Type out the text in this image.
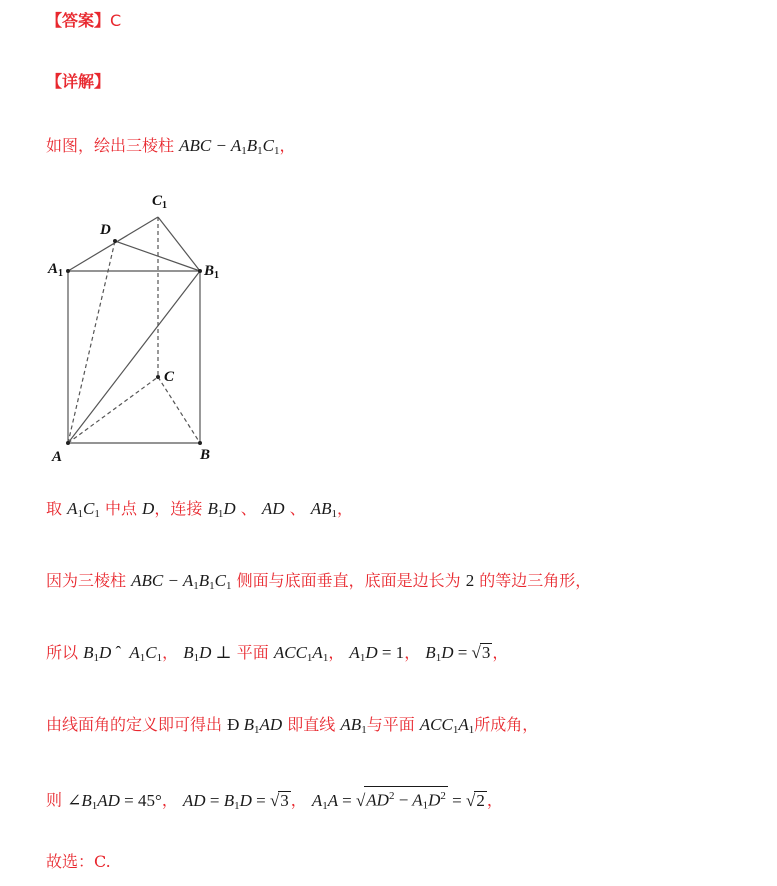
【答案】C
【详解】
如图，绘出三棱柱 ABC − $A_1B_1C_1$，
$C_1$
D
$A_1$	$B_1$
C
A	B
取 $A_1C_1$ 中点 D，连接 $B_1D$ 、 AD 、 $AB_1$，
因为三棱柱 ABC − $A_1B_1C_1$ 侧面与底面垂直，底面是边长为 2 的等边三角形，
所以 $B_1D$ ˆ  $A_1C_1$， $B_1D$ ⊥ 平面 $ACC_1A_1$， $A_1D = 1$， $B_1D = √3$ ，
由线面角的定义即可得出 Ð $B_1AD$ 即直线 $AB_1$与平面 $ACC_1A_1$所成角，
则 $\angle B_1AD = 45^\circ$， AD = $B_1D = √3$ ， $A_1A = √AD^2 - A_1D^2 = √2$ ，
故选：C.
